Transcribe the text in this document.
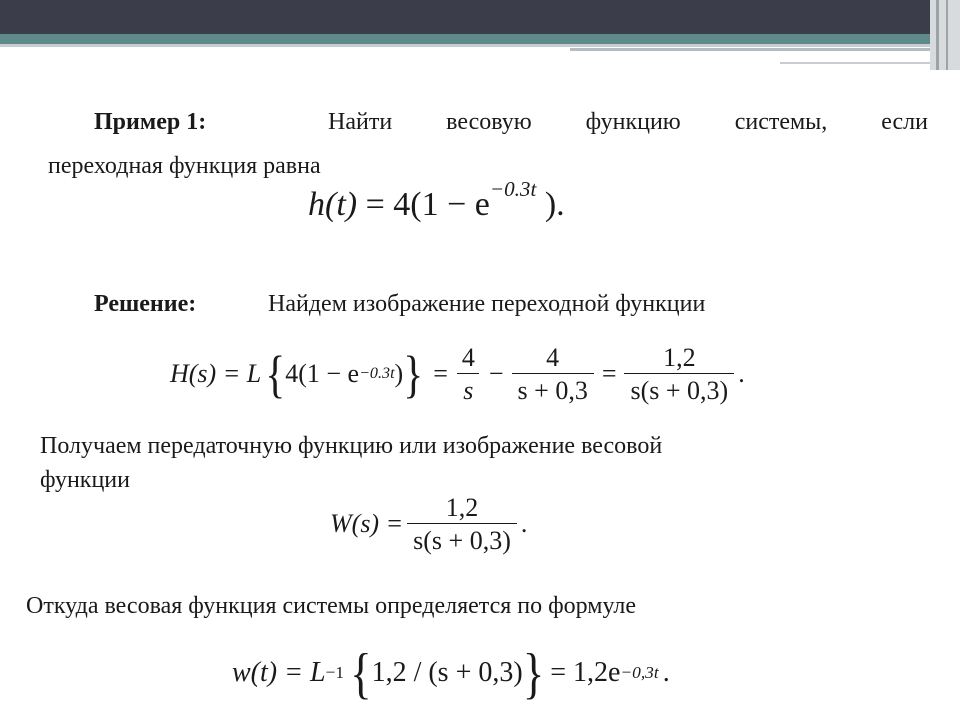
Пример 1:	Найти весовую функцию системы, если
переходная функция равна
$h(t) = 4(1 - e^{-0.3t}$ ).
Решение:	Найдем изображение переходной функции
H(s) = L { 4(1 − e −0.3t ) } = $\frac{4}{s} - \frac{4}{s + 0,3} = \frac{1,2}{s(s + 0,3)}$ .
Получаем передаточную функцию или изображение весовой
функции
$W(s) = \frac{1,2}{s(s + 0,3)}$ .
Откуда весовая функция системы определяется по формуле
w(t) = L −1 { 1,2 / (s + 0,3) } = 1,2e −0,3t .
